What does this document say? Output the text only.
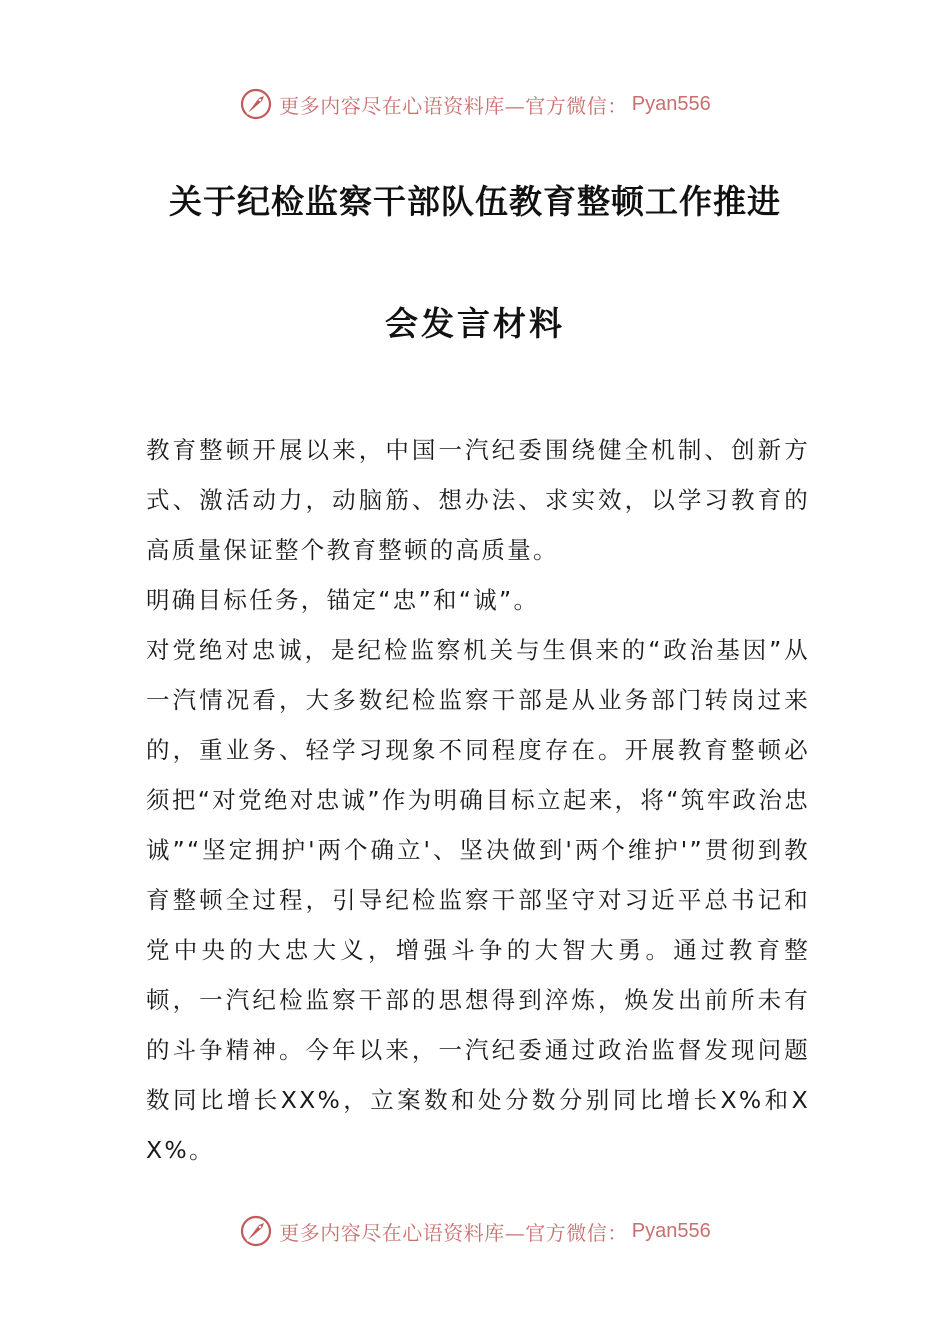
更多内容尽在心语资料库—官方微信： Pyan556
关于纪检监察干部队伍教育整顿工作推进
会发言材料

教育整顿开展以来，中国一汽纪委围绕健全机制、创新方式、激活动力，动脑筋、想办法、求实效，以学习教育的高质量保证整个教育整顿的高质量。

明确目标任务，锚定“忠”和“诚”。

对党绝对忠诚，是纪检监察机关与生俱来的“政治基因”从一汽情况看，大多数纪检监察干部是从业务部门转岗过来的，重业务、轻学习现象不同程度存在。开展教育整顿必须把“对党绝对忠诚”作为明确目标立起来，将“筑牢政治忠诚”“坚定拥护'两个确立'、坚决做到'两个维护'”贯彻到教育整顿全过程，引导纪检监察干部坚守对习近平总书记和党中央的大忠大义，增强斗争的大智大勇。通过教育整顿，一汽纪检监察干部的思想得到淬炼，焕发出前所未有的斗争精神。今年以来，一汽纪委通过政治监督发现问题数同比增长XX%，立案数和处分数分别同比增长X%和XX%。

更多内容尽在心语资料库—官方微信： Pyan556
